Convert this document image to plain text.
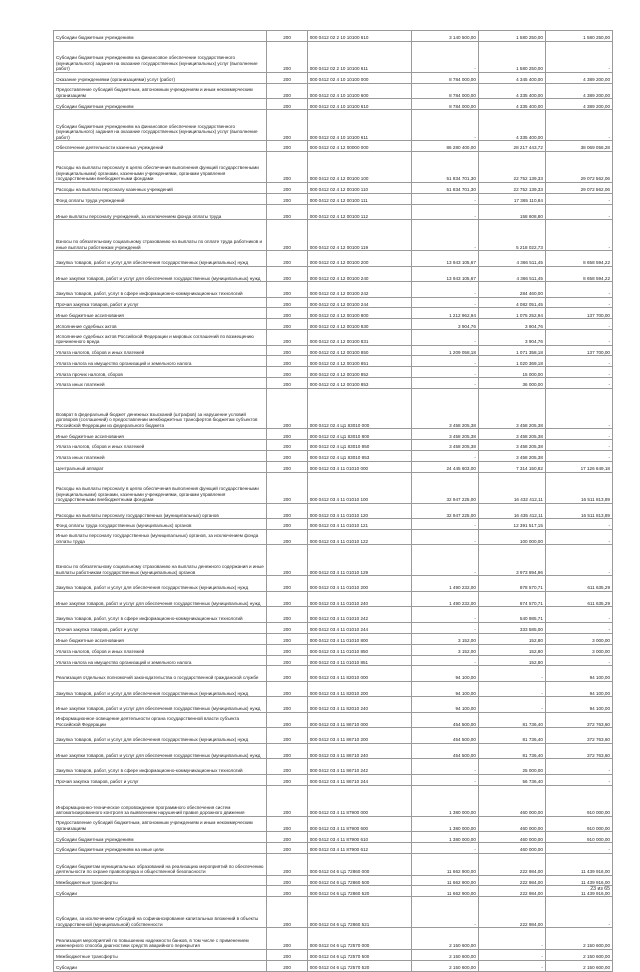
Субсидии бюджетным учреждениям	200	000 0412 02 2 10 10100 610	3 140 500,00	1 580 250,00	1 580 250,00
Субсидии бюджетным учреждениям на финансовое обеспечение государственного (муниципального) задания на оказание государственных (муниципальных) услуг (выполнение работ)	200	000 0412 02 2 10 10100 611	-	1 580 250,00	-
Оказание учреждениями (организациями) услуг (работ)	200	000 0412 02 4 10 10100 000	8 784 000,00	4 345 400,00	4 389 200,00
Предоставление субсидий бюджетным, автономным учреждениям и иным некоммерческим организациям	200	000 0412 02 4 10 10100 600	8 784 000,00	4 335 400,00	4 389 200,00
Субсидии бюджетным учреждениям	200	000 0412 02 4 10 10100 610	8 784 000,00	4 335 400,00	4 389 200,00
Субсидии бюджетным учреждениям на финансовое обеспечение государственного (муниципального) задания на оказание государственных (муниципальных) услуг (выполнение работ)	200	000 0412 02 4 10 10100 611	-	4 335 400,00	-
Обеспечение деятельности казенных учреждений	200	000 0412 02 4 12 00000 000	86 280 400,00	28 217 443,72	38 069 056,28
Расходы на выплаты персоналу в целях обеспечения выполнения функций государственными (муниципальными) органами, казенными учреждениями, органами управления государственными внебюджетными фондами	200	000 0412 02 4 12 00100 100	51 834 701,30	22 752 139,33	29 072 562,06
Расходы на выплаты персоналу казенных учреждений	200	000 0412 02 4 12 00100 110	51 834 701,30	22 752 139,33	29 072 562,06
Фонд оплаты труда учреждений	200	000 0412 02 4 12 00100 111	-	17 365 110,84	-
Иные выплаты персоналу учреждений, за исключением фонда оплаты труда	200	000 0412 02 4 12 00100 112	-	158 608,80	-
Взносы по обязательному социальному страхованию на выплаты по оплате труда работников и иные выплаты работникам учреждений	200	000 0412 02 4 12 00100 119	-	5 218 022,73	-
Закупка товаров, работ и услуг для обеспечения государственных (муниципальных) нужд	200	000 0412 02 4 12 00100 200	13 943 105,67	4 366 511,45	8 658 594,22
Иные закупки товаров, работ и услуг для обеспечения государственных (муниципальных) нужд	200	000 0412 02 4 12 00100 240	13 943 105,67	4 366 511,45	8 658 594,22
Закупка товаров, работ, услуг в сфере информационно-коммуникационных технологий	200	000 0412 02 4 12 00100 242	-	284 460,00	-
Прочая закупка товаров, работ и услуг	200	000 0412 02 4 12 00100 244	-	4 082 051,45	-
Иные бюджетные ассигнования	200	000 0412 02 4 12 00100 800	1 212 962,94	1 075 252,94	137 700,00
Исполнение судебных актов	200	000 0412 02 4 12 00100 830	3 904,76	3 904,76	-
Исполнение судебных актов Российской Федерации и мировых соглашений по возмещению причиненного вреда	200	000 0412 02 4 12 00100 831	-	3 904,76	-
Уплата налогов, сборов и иных платежей	200	000 0412 02 4 12 00100 850	1 209 058,18	1 071 358,18	137 700,00
Уплата налога на имущество организаций и земельного налога	200	000 0412 02 4 12 00100 851	-	1 020 369,18	-
Уплата прочих налогов, сборов	200	000 0412 02 4 12 00100 852	-	15 000,00	-
Уплата иных платежей	200	000 0412 02 4 12 00100 853	-	36 000,00	-
Возврат в федеральный бюджет денежных взысканий (штрафов) за нарушение условий договоров (соглашений) о предоставлении межбюджетных трансфертов бюджетам субъектов Российской Федерации из федерального бюджета	200	000 0412 02 4 Ц1 83010 000	3 458 205,38	3 458 205,38	-
Иные бюджетные ассигнования	200	000 0412 02 4 Ц1 83010 800	3 458 205,38	3 458 205,38	-
Уплата налогов, сборов и иных платежей	200	000 0412 02 4 Ц1 83010 850	3 458 205,38	3 458 205,38	-
Уплата иных платежей	200	000 0412 02 4 Ц1 83010 853	-	3 458 205,38	-
Центральный аппарат	200	000 0412 03 4 11 01010 000	24 445 603,00	7 314 150,82	17 126 649,18
Расходы на выплаты персоналу в целях обеспечения выполнения функций государственными (муниципальными) органами, казенными учреждениями, органами управления государственными внебюджетными фондами	200	000 0412 03 4 11 01010 100	32 947 225,00	16 432 412,11	16 511 813,89
Расходы на выплаты персоналу государственных (муниципальных) органов	200	000 0412 03 4 11 01010 120	32 947 225,00	16 435 412,11	16 511 813,89
Фонд оплаты труда государственных (муниципальных) органов	200	000 0412 03 4 11 01010 121	-	12 391 517,15	-
Иные выплаты персоналу государственных (муниципальных) органов, за исключением фонда оплаты труда	200	000 0412 03 4 11 01010 122	-	100 000,00	-
Взносы по обязательному социальному страхованию на выплаты денежного содержания и иные выплаты работникам государственных (муниципальных) органов	200	000 0412 03 4 11 01010 129	-	3 973 894,96	-
Закупка товаров, работ и услуг для обеспечения государственных (муниципальных) нужд	200	000 0412 03 4 11 01010 200	1 490 232,00	878 570,71	611 635,29
Иные закупки товаров, работ и услуг для обеспечения государственных (муниципальных) нужд	200	000 0412 03 4 11 01010 240	1 490 232,00	874 570,71	611 635,29
Закупка товаров, работ, услуг в сфере информационно-коммуникационных технологий	200	000 0412 03 4 11 01010 242	-	540 985,71	-
Прочая закупка товаров, работ и услуг	200	000 0412 03 4 11 01010 244	-	333 585,00	-
Иные бюджетные ассигнования	200	000 0412 03 4 11 01010 800	3 152,00	152,80	3 000,00
Уплата налогов, сборов и иных платежей	200	000 0412 03 4 11 01010 850	3 152,00	152,80	3 000,00
Уплата налога на имущество организаций и земельного налога	200	000 0412 03 4 11 01010 851	-	152,80	-
Реализация отдельных полномочий законодательства о государственной гражданской службе	200	000 0412 03 4 11 82010 000	94 100,00	-	94 100,00
Закупка товаров, работ и услуг для обеспечения государственных (муниципальных) нужд	200	000 0412 03 4 11 82010 200	94 100,00	-	94 100,00
Иные закупки товаров, работ и услуг для обеспечения государственных (муниципальных) нужд	200	000 0412 03 4 11 82010 240	94 100,00	-	94 100,00
Информационное освещение деятельности органа государственной власти субъекта Российской Федерации	200	000 0412 03 4 11 86710 000	454 500,00	81 736,40	372 763,60
Закупка товаров, работ и услуг для обеспечения государственных (муниципальных) нужд	200	000 0412 03 4 11 86710 200	454 500,00	81 736,40	372 763,60
Иные закупки товаров, работ и услуг для обеспечения государственных (муниципальных) нужд	200	000 0412 03 4 11 86710 240	454 500,00	81 736,40	372 763,60
Закупка товаров, работ, услуг в сфере информационно-коммуникационных технологий	200	000 0412 03 4 11 86710 242	-	25 000,00	-
Прочая закупка товаров, работ и услуг	200	000 0412 03 4 11 86710 244	-	56 736,40	-
Информационно-техническое сопровождение программного обеспечения систем автоматизированного контроля за выявлением нарушений правил дорожного движения	200	000 0412 03 4 11 87900 000	1 380 000,00	460 000,00	910 000,00
Предоставление субсидий бюджетным, автономным учреждениям и иным некоммерческим организациям	200	000 0412 03 4 11 87900 600	1 380 000,00	460 000,00	910 000,00
Субсидии бюджетным учреждениям	200	000 0412 03 4 11 87900 610	1 380 000,00	460 000,00	910 000,00
Субсидии бюджетным учреждениям на иные цели	200	000 0412 03 4 11 87900 612	-	460 000,00	-
Субсидии бюджетам муниципальных образований на реализацию мероприятий по обеспечению деятельности по охране правопорядка и общественной безопасности	200	000 0412 04 6 Ц1 72860 000	11 662 900,00	222 984,00	11 439 916,00
Межбюджетные трансферты	200	000 0412 04 6 Ц1 72860 500	11 662 900,00	222 984,00	11 439 916,00
Субсидии	200	000 0412 04 6 Ц1 72860 520	11 662 900,00	222 984,00	11 439 916,00
Субсидии, за исключением субсидий на софинансирование капитальных вложений в объекты государственной (муниципальной) собственности	200	000 0412 04 6 Ц1 72860 521	-	222 984,00	-
Реализация мероприятий по повышению надежности банков, в том числе с применением инженерного способа диагностики средств аварийного перекрытия	200	000 0412 04 6 Ц1 72570 000	2 150 600,00	-	2 150 600,00
Межбюджетные трансферты	200	000 0412 04 6 Ц1 72570 500	2 150 600,00	-	2 150 600,00
Субсидии	200	000 0412 04 6 Ц1 72570 520	2 150 600,00	-	2 150 600,00
23 из 65
